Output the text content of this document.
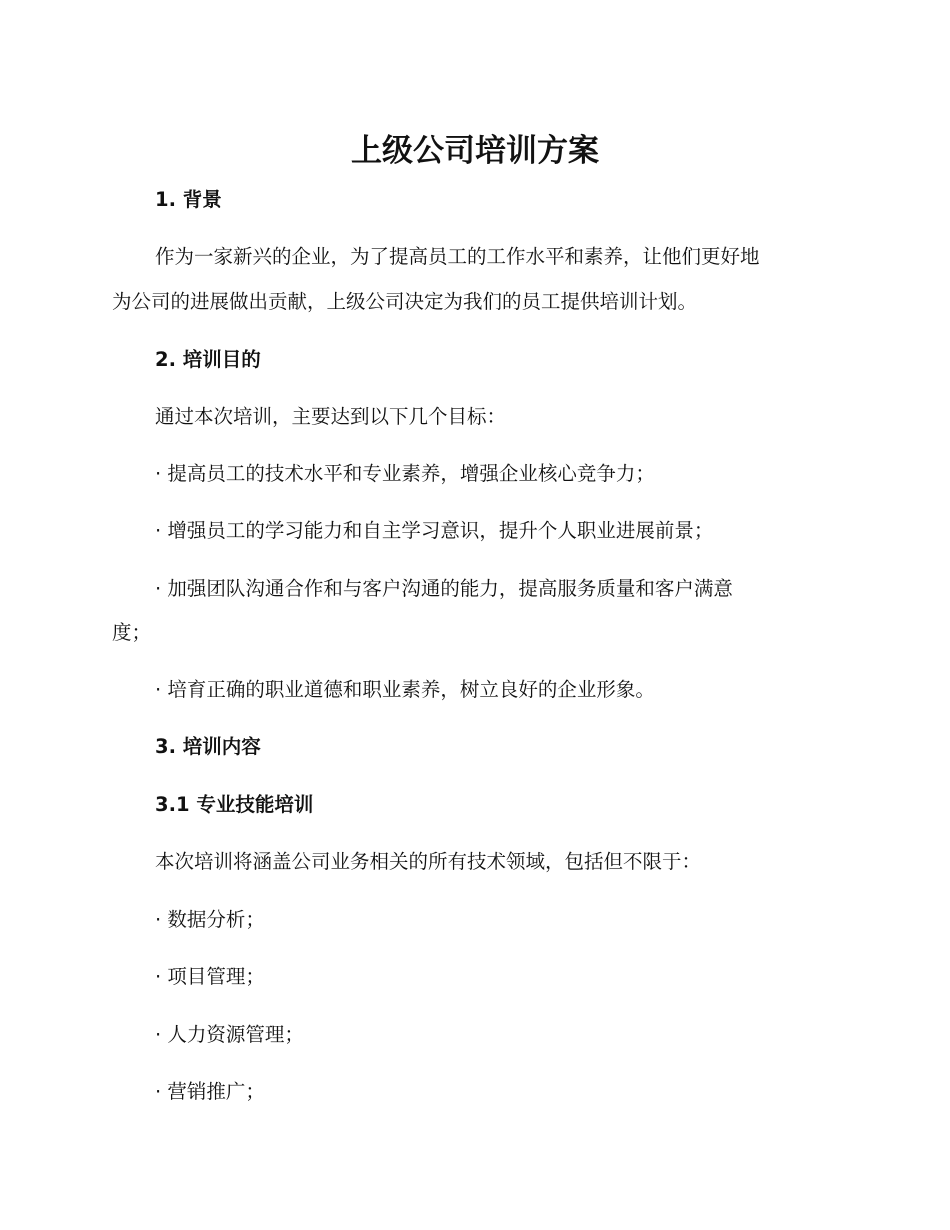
上级公司培训方案
1. 背景
作为一家新兴的企业，为了提高员工的工作水平和素养，让他们更好地
为公司的进展做出贡献，上级公司决定为我们的员工提供培训计划。
2. 培训目的
通过本次培训，主要达到以下几个目标：
· 提高员工的技术水平和专业素养，增强企业核心竞争力；
· 增强员工的学习能力和自主学习意识，提升个人职业进展前景；
· 加强团队沟通合作和与客户沟通的能力，提高服务质量和客户满意
度；
· 培育正确的职业道德和职业素养，树立良好的企业形象。
3. 培训内容
3.1 专业技能培训
本次培训将涵盖公司业务相关的所有技术领域，包括但不限于：
· 数据分析；
· 项目管理；
· 人力资源管理；
· 营销推广；
